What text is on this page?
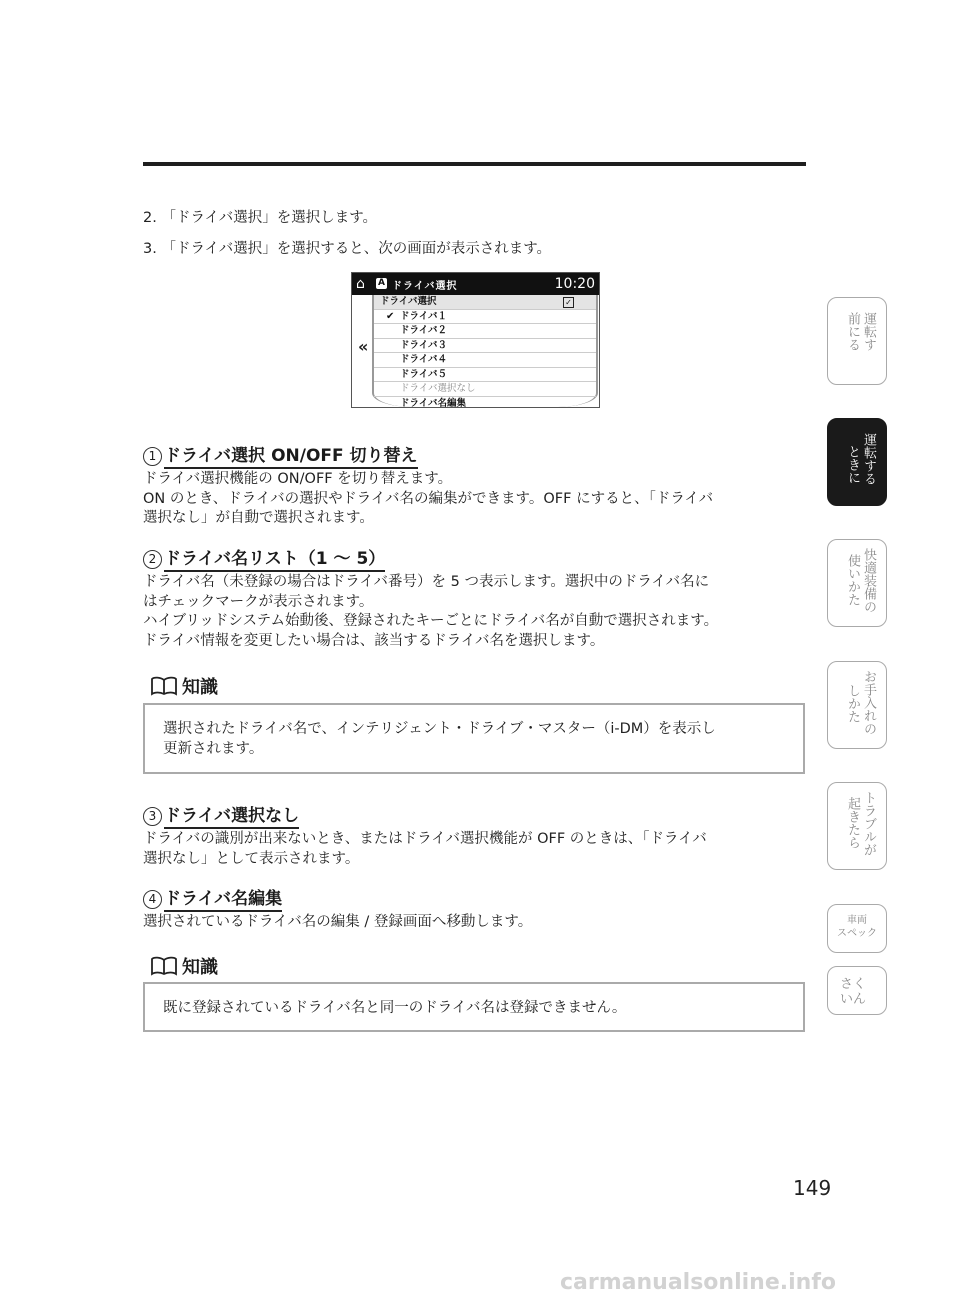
2. 「ドライバ選択」を選択します。
3. 「ドライバ選択」を選択すると、次の画面が表示されます。
⌂	A ドライバ選択	10:20
«
ドライバ選択	✓
✔ ドライバ１
ドライバ２
ドライバ３
ドライバ４
ドライバ５
ドライバ選択なし
ドライバ名編集
1 ドライバ選択 ON/OFF 切り替え
ドライバ選択機能の ON/OFF を切り替えます。
ON のとき、ドライバの選択やドライバ名の編集ができます。OFF にすると、「ドライバ
選択なし」が自動で選択されます。
2 ドライバ名リスト（1 〜 5）
ドライバ名（未登録の場合はドライバ番号）を 5 つ表示します。選択中のドライバ名に
はチェックマークが表示されます。
ハイブリッドシステム始動後、登録されたキーごとにドライバ名が自動で選択されます。
ドライバ情報を変更したい場合は、該当するドライバ名を選択します。
知識
選択されたドライバ名で、インテリジェント・ドライブ・マスター（i-DM）を表示し
更新されます。
3 ドライバ選択なし
ドライバの識別が出来ないとき、またはドライバ選択機能が OFF のときは、「ドライバ
選択なし」として表示されます。
4 ドライバ名編集
選択されているドライバ名の編集 / 登録画面へ移動します。
知識
既に登録されているドライバ名と同一のドライバ名は登録できません。
運転す
前にる
運転する
ときに
快適装備の
使いかた
お手入れの
しかた
トラブルが
起きたら
車両
スペック
さく
いん
149
carmanualsonline.info
